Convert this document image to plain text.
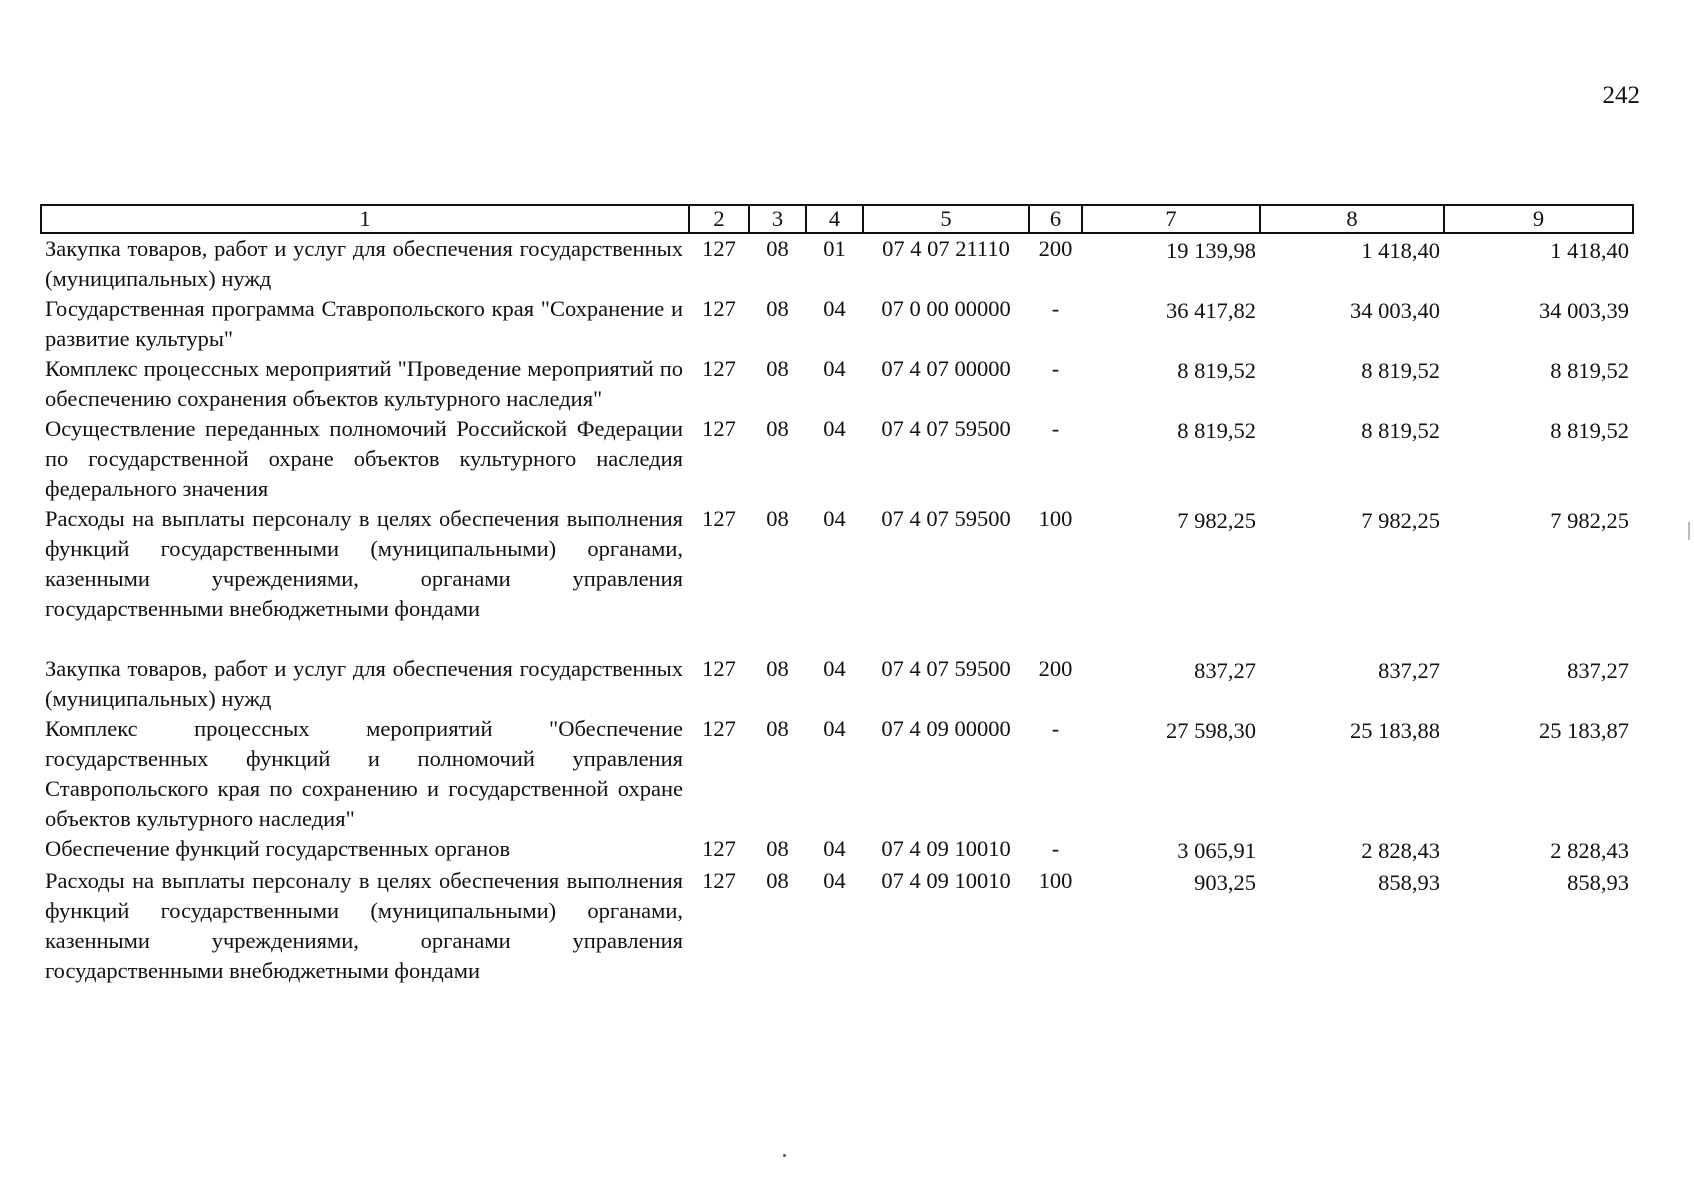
242
1	2	3	4	5	6	7	8	9
Закупка товаров, работ и услуг для обеспечения государственных (муниципальных) нужд	127	08	01	07 4 07 21110	200	19 139,98	1 418,40	1 418,40
Государственная программа Ставропольского края "Сохранение и развитие культуры"	127	08	04	07 0 00 00000	-	36 417,82	34 003,40	34 003,39
Комплекс процессных мероприятий "Проведение мероприятий по обеспечению сохранения объектов культурного наследия"	127	08	04	07 4 07 00000	-	8 819,52	8 819,52	8 819,52
Осуществление переданных полномочий Российской Федерации по государственной охране объектов культурного наследия федерального значения	127	08	04	07 4 07 59500	-	8 819,52	8 819,52	8 819,52
Расходы на выплаты персоналу в целях обеспечения выполнения функций государственными (муниципальными) органами, казенными учреждениями, органами управления государственными внебюджетными фондами	127	08	04	07 4 07 59500	100	7 982,25	7 982,25	7 982,25

Закупка товаров, работ и услуг для обеспечения государственных (муниципальных) нужд	127	08	04	07 4 07 59500	200	837,27	837,27	837,27
Комплекс процессных мероприятий "Обеспечение государственных функций и полномочий управления Ставропольского края по сохранению и государственной охране объектов культурного наследия"	127	08	04	07 4 09 00000	-	27 598,30	25 183,88	25 183,87
Обеспечение функций государственных органов	127	08	04	07 4 09 10010	-	3 065,91	2 828,43	2 828,43
Расходы на выплаты персоналу в целях обеспечения выполнения функций государственными (муниципальными) органами, казенными учреждениями, органами управления государственными внебюджетными фондами	127	08	04	07 4 09 10010	100	903,25	858,93	858,93
